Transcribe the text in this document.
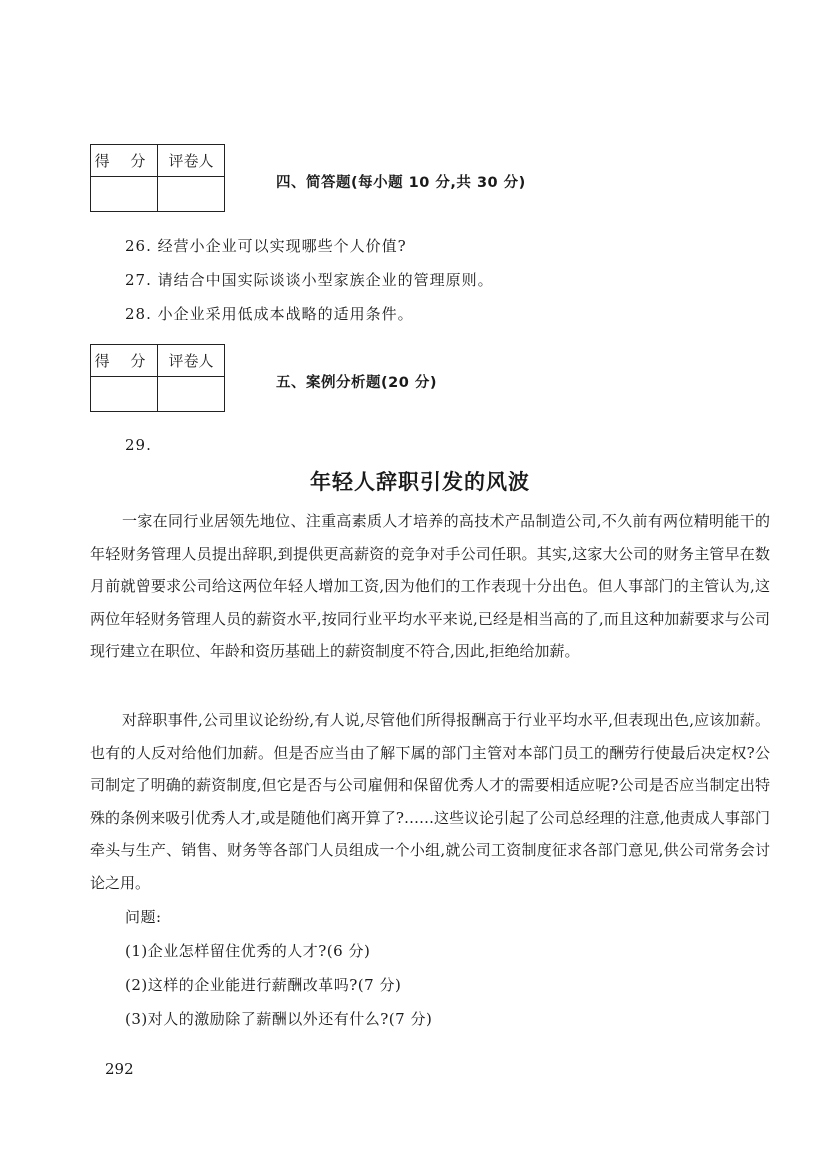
得 分	评卷人

四、简答题(每小题 10 分,共 30 分)
26. 经营小企业可以实现哪些个人价值?
27. 请结合中国实际谈谈小型家族企业的管理原则。
28. 小企业采用低成本战略的适用条件。
得 分	评卷人

五、案例分析题(20 分)
29.
年轻人辞职引发的风波

一家在同行业居领先地位、注重高素质人才培养的高技术产品制造公司,不久前有两位精明能干的年轻财务管理人员提出辞职,到提供更高薪资的竞争对手公司任职。其实,这家大公司的财务主管早在数月前就曾要求公司给这两位年轻人增加工资,因为他们的工作表现十分出色。但人事部门的主管认为,这两位年轻财务管理人员的薪资水平,按同行业平均水平来说,已经是相当高的了,而且这种加薪要求与公司现行建立在职位、年龄和资历基础上的薪资制度不符合,因此,拒绝给加薪。

对辞职事件,公司里议论纷纷,有人说,尽管他们所得报酬高于行业平均水平,但表现出色,应该加薪。也有的人反对给他们加薪。但是否应当由了解下属的部门主管对本部门员工的酬劳行使最后决定权?公司制定了明确的薪资制度,但它是否与公司雇佣和保留优秀人才的需要相适应呢?公司是否应当制定出特殊的条例来吸引优秀人才,或是随他们离开算了?……这些议论引起了公司总经理的注意,他责成人事部门牵头与生产、销售、财务等各部门人员组成一个小组,就公司工资制度征求各部门意见,供公司常务会讨论之用。

问题:
(1)企业怎样留住优秀的人才?(6 分)
(2)这样的企业能进行薪酬改革吗?(7 分)
(3)对人的激励除了薪酬以外还有什么?(7 分)
292
